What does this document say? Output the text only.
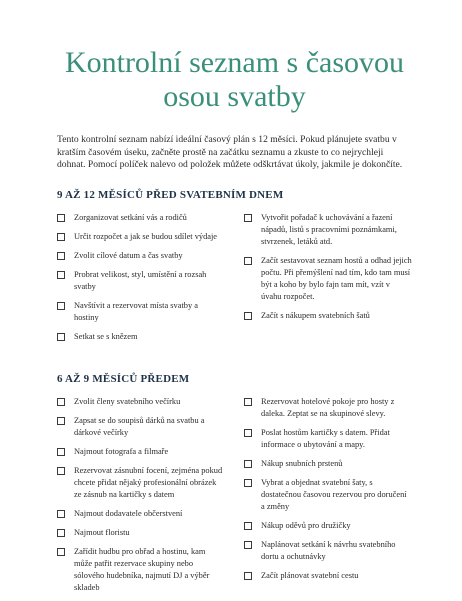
Kontrolní seznam s časovou osou svatby

Tento kontrolní seznam nabízí ideální časový plán s 12 měsíci. Pokud plánujete svatbu v kratším časovém úseku, začněte prostě na začátku seznamu a zkuste to co nejrychleji dohnat. Pomocí políček nalevo od položek můžete odškrtávat úkoly, jakmile je dokončíte.

9 AŽ 12 MĚSÍCŮ PŘED SVATEBNÍM DNEM
Zorganizovat setkání vás a rodičů
Určit rozpočet a jak se budou sdílet výdaje
Zvolit cílové datum a čas svatby
Probrat velikost, styl, umístění a rozsah svatby
Navštívit a rezervovat místa svatby a hostiny
Setkat se s knězem
Vytvořit pořadač k uchovávání a řazení nápadů, listů s pracovními poznámkami, stvrzenek, letáků atd.
Začít sestavovat seznam hostů a odhad jejich počtu. Při přemýšlení nad tím, kdo tam musí být a koho by bylo fajn tam mít, vzít v úvahu rozpočet.
Začít s nákupem svatebních šatů
6 AŽ 9 MĚSÍCŮ PŘEDEM
Zvolit členy svatebního večírku
Zapsat se do soupisů dárků na svatbu a dárkové večírky
Najmout fotografa a filmaře
Rezervovat zásnubní focení, zejména pokud chcete přidat nějaký profesionální obrázek ze zásnub na kartičky s datem
Najmout dodavatele občerstvení
Najmout floristu
Zařídit hudbu pro obřad a hostinu, kam může patřit rezervace skupiny nebo sólového hudebníka, najmutí DJ a výběr skladeb
Rezervovat hotelové pokoje pro hosty z daleka. Zeptat se na skupinové slevy.
Poslat hostům kartičky s datem. Přidat informace o ubytování a mapy.
Nákup snubních prstenů
Vybrat a objednat svatební šaty, s dostatečnou časovou rezervou pro doručení a změny
Nákup oděvů pro družičky
Naplánovat setkání k návrhu svatebního dortu a ochutnávky
Začít plánovat svatební cestu
